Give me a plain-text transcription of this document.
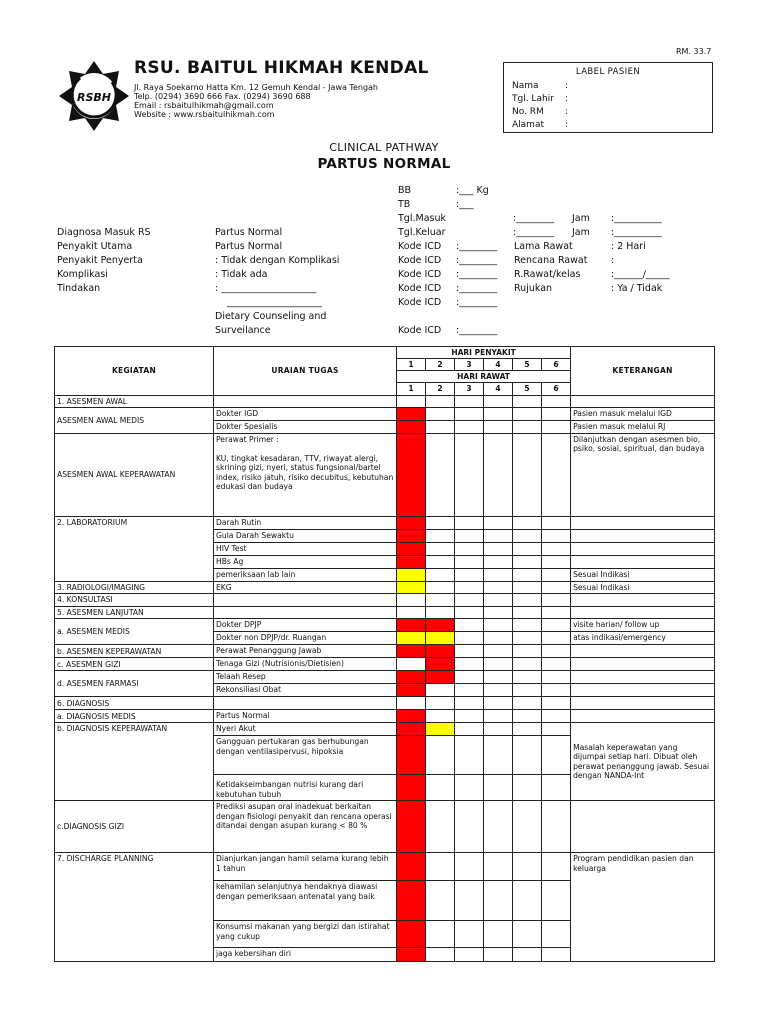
RSBH
RSU. BAITUL HIKMAH KENDAL
Jl. Raya Soekarno Hatta Km. 12 Gemuh Kendal - Jawa Tengah
Telp. (0294) 3690 666 Fax. (0294) 3690 688
Email : rsbaitulhikmah@gmail.com
Website : www.rsbaitulhikmah.com
RM. 33.7
LABEL PASIEN
Nama	:
Tgl. Lahir :
No. RM :
Alamat :
CLINICAL PATHWAY
PARTUS NORMAL
BB	:___ Kg
TB	:___
Tgl.Masuk	:________ Jam :__________
Tgl.Keluar	:________ Jam :__________
Diagnosa Masuk RS	Partus Normal
Penyakit Utama	Partus Normal
Penyakit Penyerta	: Tidak dengan Komplikasi
Komplikasi	: Tidak ada
Tindakan	: ____________________
____________________
Dietary Counseling and
Surveilance
Kode ICD :________
Kode ICD :________
Kode ICD :________
Kode ICD :________
Kode ICD :________
Kode ICD :________
Lama Rawat	: 2 Hari
Rencana Rawat :
R.Rawat/kelas	:______/_____
Rujukan	: Ya / Tidak
KEGIATAN	URAIAN TUGAS	HARI PENYAKIT						KETERANGAN
		1	2	3	4	5	6	
		HARI RAWAT						
		1	2	3	4	5	6	
1. ASESMEN AWAL								
ASESMEN AWAL MEDIS	Dokter IGD							Pasien masuk melalui IGD
	Dokter Spesialis							Pasien masuk melalui RJ
ASESMEN AWAL KEPERAWATAN	Perawat Primer :

KU, tingkat kesadaran, TTV, riwayat alergi, skrining gizi, nyeri, status fungsional/bartel index, risiko jatuh, risiko decubitus, kebutuhan edukasi dan budaya							Dilanjutkan dengan asesmen bio, psiko, sosial, spiritual, dan budaya
2. LABORATORIUM	Darah Rutin							
	Gula Darah Sewaktu							
	HIV Test							
	HBs Ag							
	pemeriksaan lab lain							Sesuai Indikasi
3. RADIOLOGI/IMAGING	EKG							Sesuai Indikasi
4. KONSULTASI								
5. ASESMEN LANJUTAN								
a. ASESMEN MEDIS	Dokter DPJP							visite harian/ follow up
	Dokter non DPJP/dr. Ruangan							atas indikasi/emergency
b. ASESMEN KEPERAWATAN	Perawat Penanggung Jawab							
c. ASESMEN GIZI	Tenaga Gizi (Nutrisionis/Dietisien)							
d. ASESMEN FARMASI	Telaah Resep							
	Rekonsiliasi Obat							
6. DIAGNOSIS								
a. DIAGNOSIS MEDIS	Partus Normal							
b. DIAGNOSIS KEPERAWATAN	Nyeri Akut							Masalah keperawatan yang dijumpai setiap hari. Dibuat oleh perawat penanggung jawab. Sesuai dengan NANDA-Int
	Gangguan pertukaran gas berhubungan dengan ventilasipervusi, hipoksia							
	Ketidakseimbangan nutrisi kurang dari kebutuhan tubuh							
c.DIAGNOSIS GIZI	Prediksi asupan oral inadekuat berkaitan dengan fisiologi penyakit dan rencana operasi ditandai dengan asupan kurang < 80 %							
7. DISCHARGE PLANNING	Dianjurkan jangan hamil selama kurang lebih 1 tahun							Program pendidikan pasien dan keluarga
	kehamilan selanjutnya hendaknya diawasi dengan pemeriksaan antenatal yang baik							
	Konsumsi makanan yang bergizi dan istirahat yang cukup							
	jaga kebersihan diri							
